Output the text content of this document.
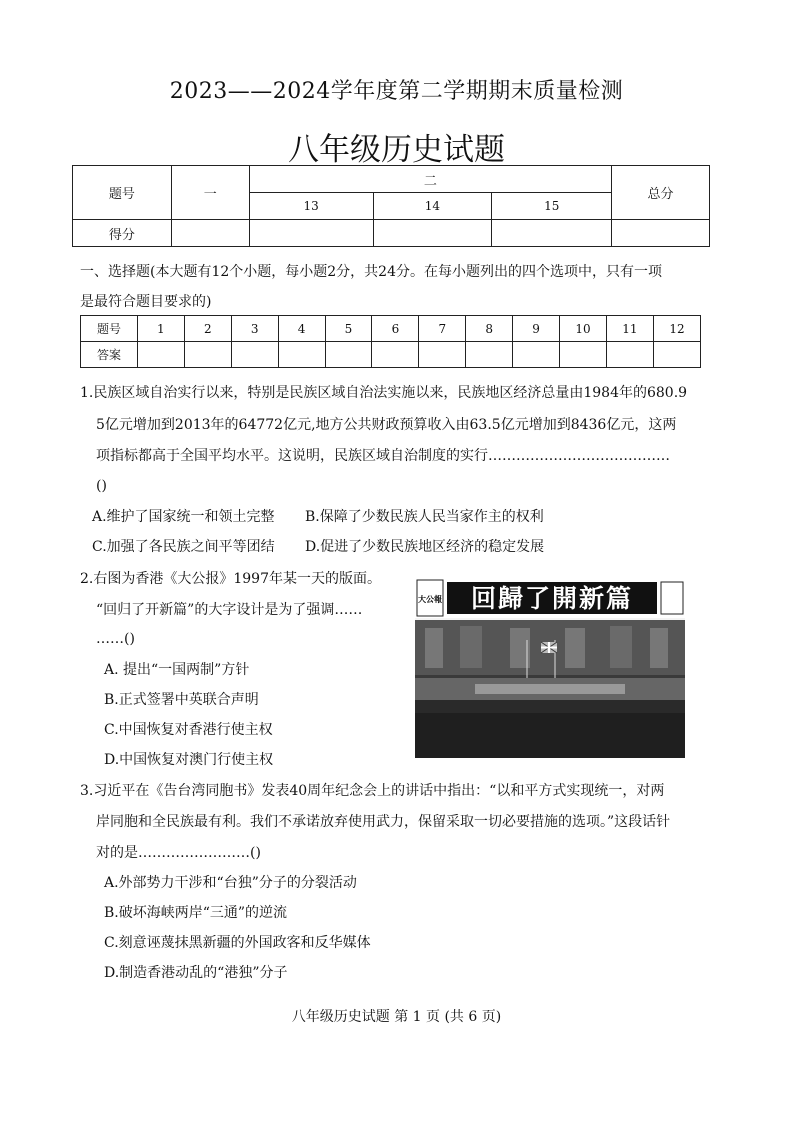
2023——2024学年度第二学期期末质量检测
八年级历史试题
题号	一	二			总分
		13	14	15	
得分					
一、选择题(本大题有12个小题，每小题2分，共24分。在每小题列出的四个选项中，只有一项
是最符合题目要求的)
题号	1	2	3	4	5	6	7	8	9	10	11	12
答案												
1.民族区域自治实行以来，特别是民族区域自治法实施以来，民族地区经济总量由1984年的680.9
5亿元增加到2013年的64772亿元,地方公共财政预算收入由63.5亿元增加到8436亿元，这两
项指标都高于全国平均水平。这说明，民族区域自治制度的实行…………………………………
()
A.维护了国家统一和领土完整 B.保障了少数民族人民当家作主的权利
C.加强了各民族之间平等团结 D.促进了少数民族地区经济的稳定发展
2.右图为香港《大公报》1997年某一天的版面。
“回归了开新篇”的大字设计是为了强调……
……()
A. 提出“一国两制”方针
B.正式签署中英联合声明
C.中国恢复对香港行使主权
D.中国恢复对澳门行使主权
大公報 回歸了開新篇
3.习近平在《告台湾同胞书》发表40周年纪念会上的讲话中指出：“以和平方式实现统一，对两
岸同胞和全民族最有利。我们不承诺放弃使用武力，保留采取一切必要措施的选项。”这段话针
对的是……………………()
A.外部势力干涉和“台独”分子的分裂活动
B.破坏海峡两岸“三通”的逆流
C.刻意诬蔑抹黑新疆的外国政客和反华媒体
D.制造香港动乱的“港独”分子
八年级历史试题 第 1 页 (共 6 页)
